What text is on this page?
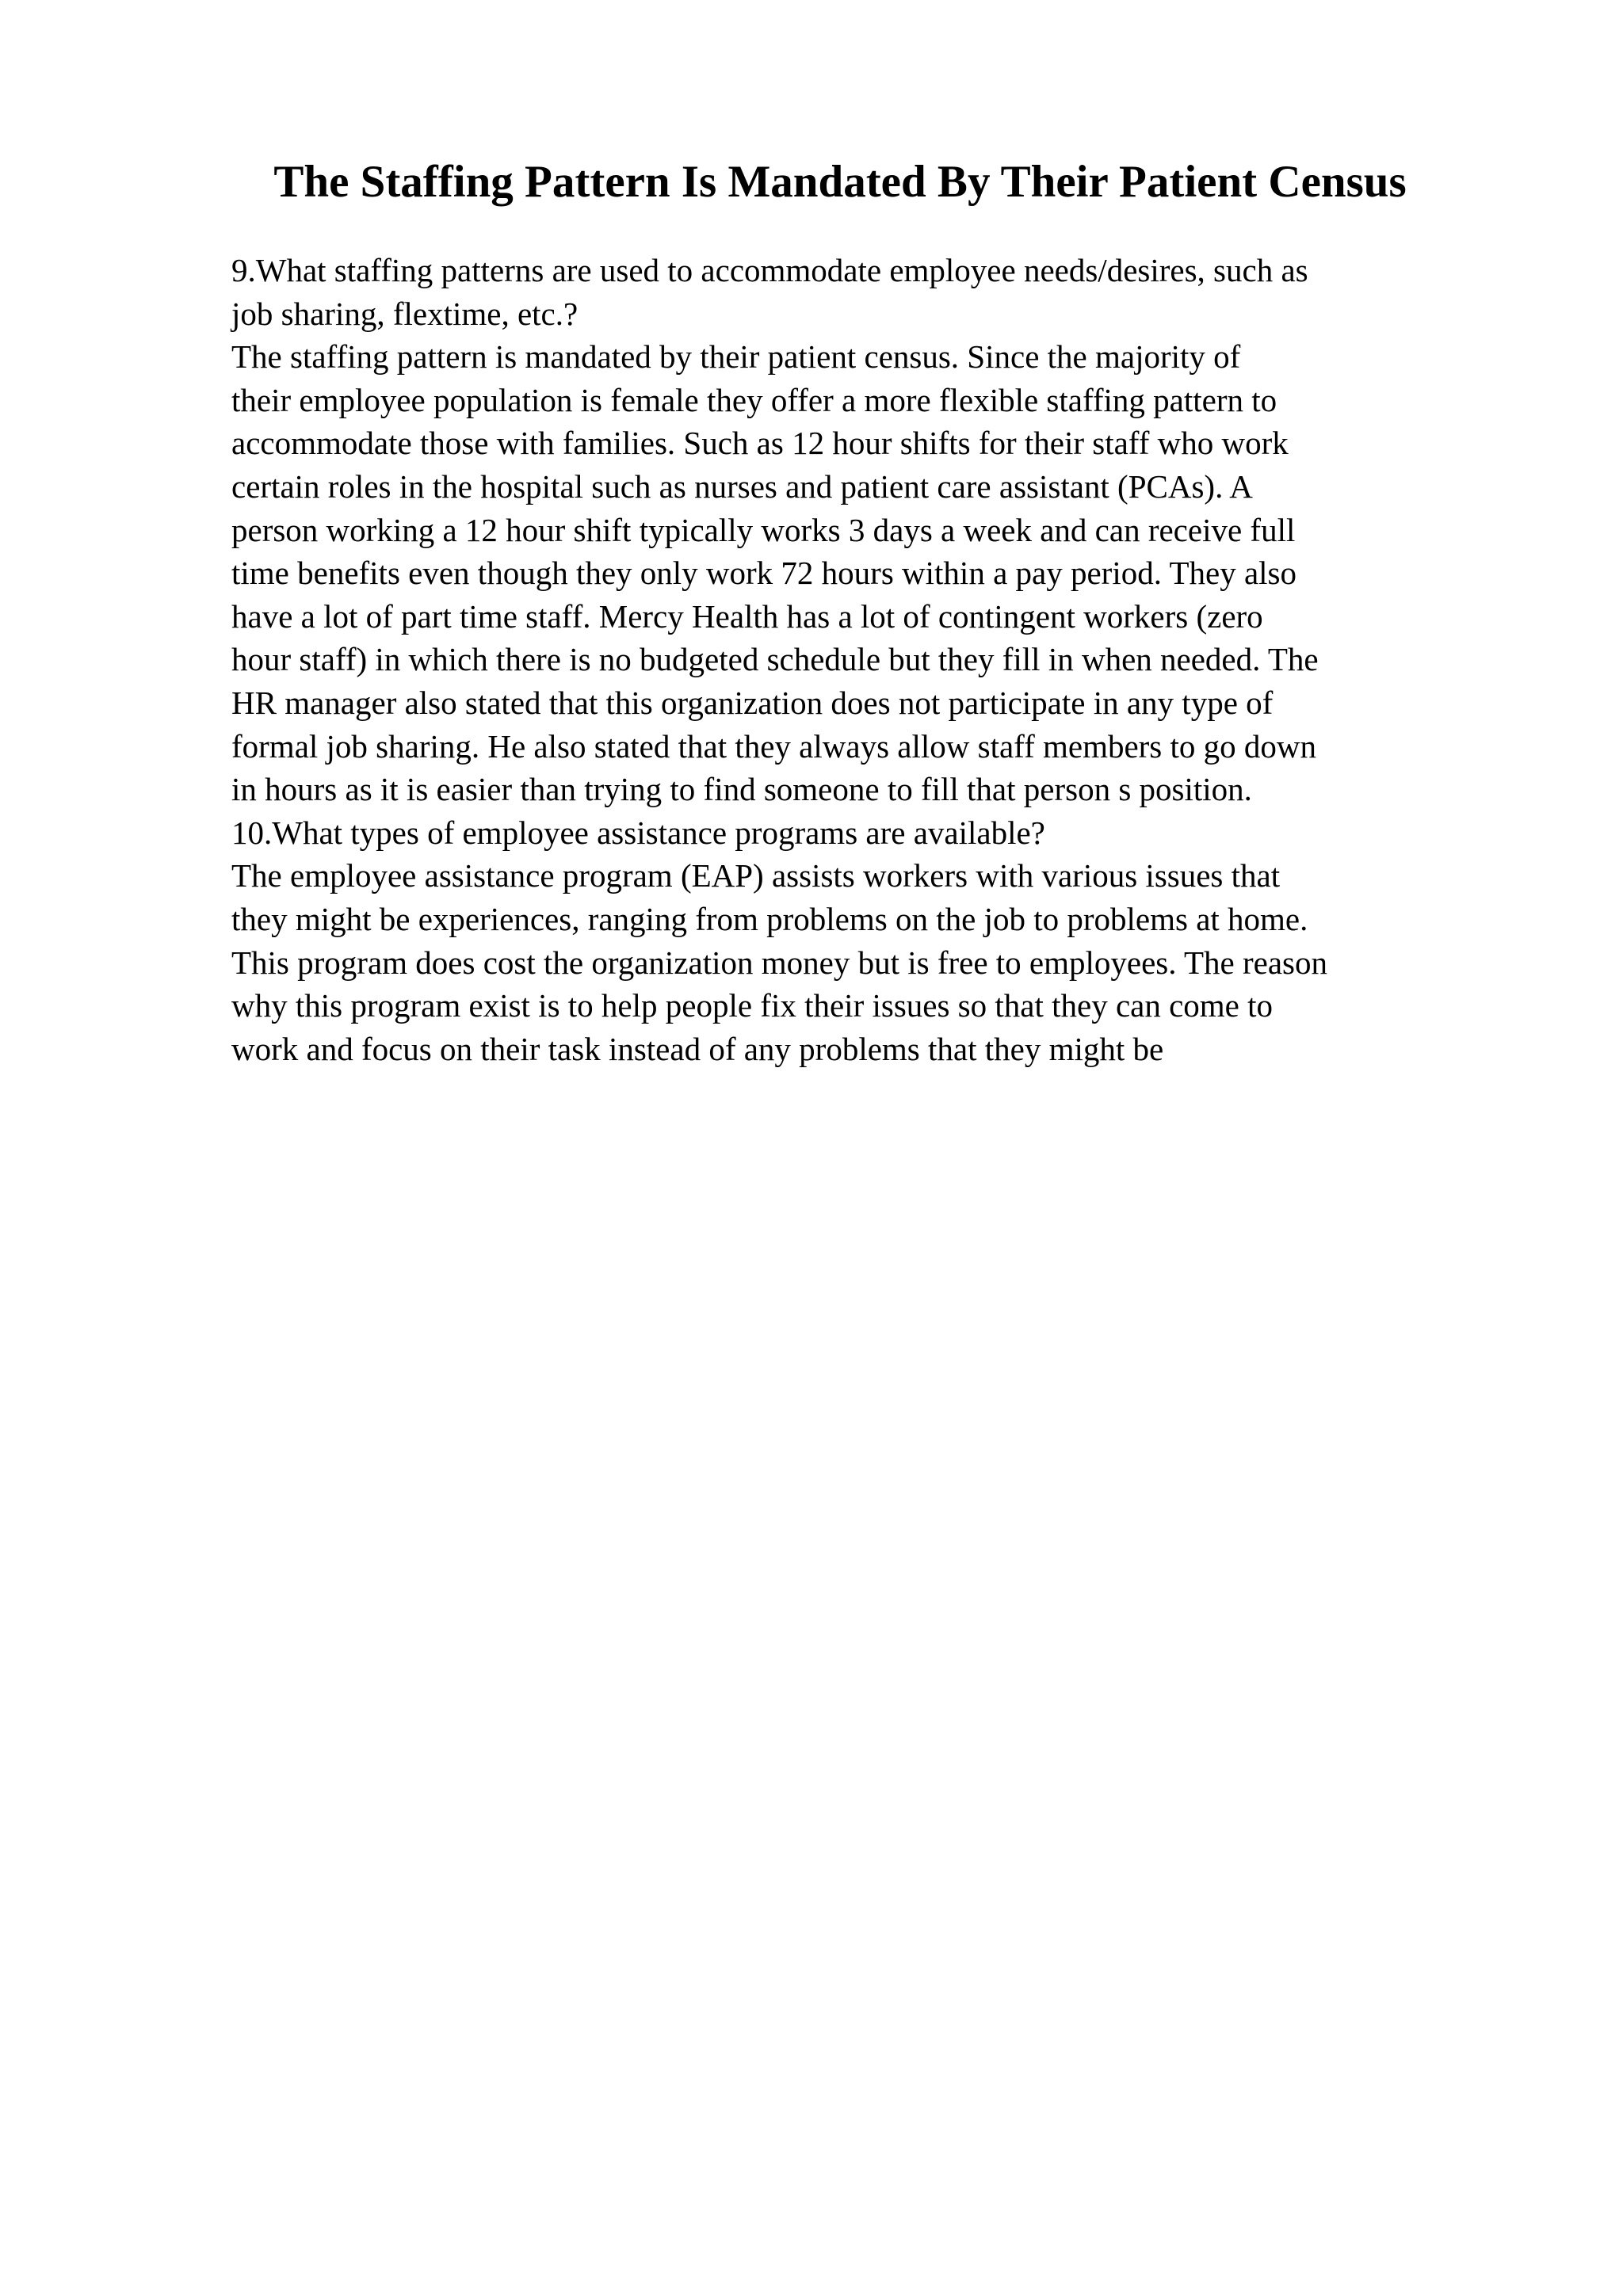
The Staffing Pattern Is Mandated By Their Patient Census
9.What staffing patterns are used to accommodate employee needs/desires, such as
job sharing, flextime, etc.?
The staffing pattern is mandated by their patient census. Since the majority of
their employee population is female they offer a more flexible staffing pattern to
accommodate those with families. Such as 12 hour shifts for their staff who work
certain roles in the hospital such as nurses and patient care assistant (PCAs). A
person working a 12 hour shift typically works 3 days a week and can receive full
time benefits even though they only work 72 hours within a pay period. They also
have a lot of part time staff. Mercy Health has a lot of contingent workers (zero
hour staff) in which there is no budgeted schedule but they fill in when needed. The
HR manager also stated that this organization does not participate in any type of
formal job sharing. He also stated that they always allow staff members to go down
in hours as it is easier than trying to find someone to fill that person s position.
10.What types of employee assistance programs are available?
The employee assistance program (EAP) assists workers with various issues that
they might be experiences, ranging from problems on the job to problems at home.
This program does cost the organization money but is free to employees. The reason
why this program exist is to help people fix their issues so that they can come to
work and focus on their task instead of any problems that they might be
